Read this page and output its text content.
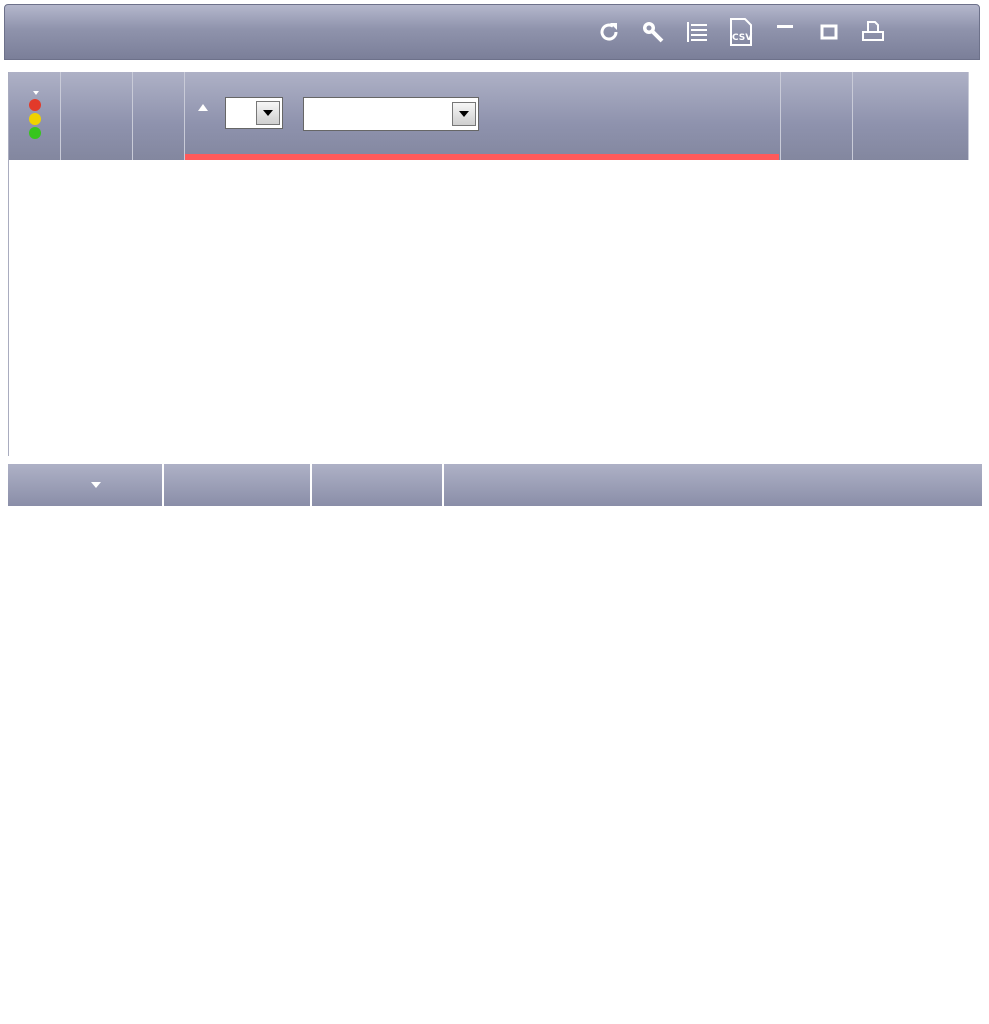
CSV
